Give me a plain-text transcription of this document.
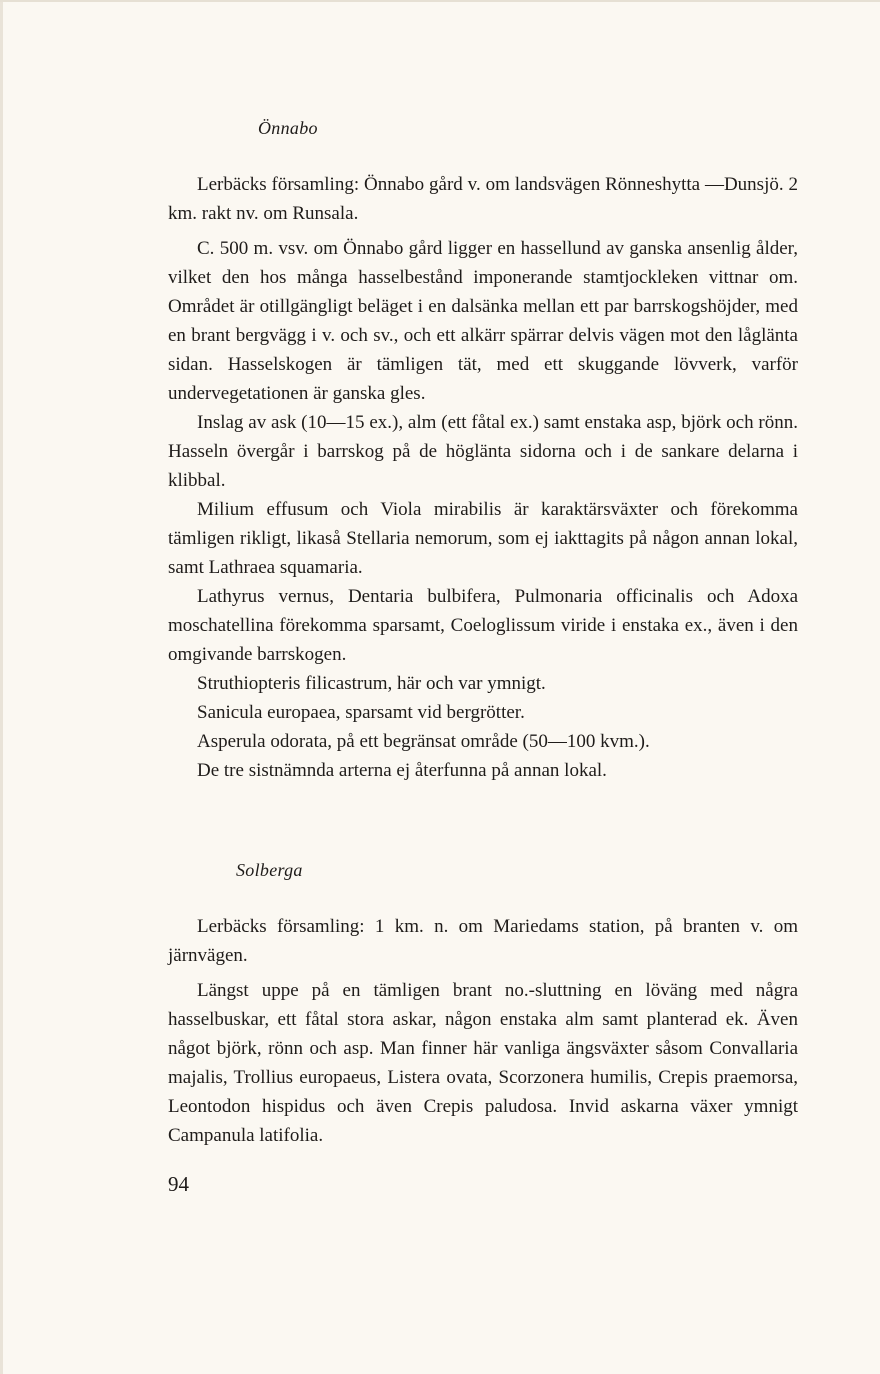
Önnabo

Lerbäcks församling: Önnabo gård v. om landsvägen Rönneshytta —Dunsjö. 2 km. rakt nv. om Runsala.

C. 500 m. vsv. om Önnabo gård ligger en hassellund av ganska ansenlig ålder, vilket den hos många hasselbestånd imponerande stamtjockleken vittnar om. Området är otillgängligt beläget i en dalsänka mellan ett par barrskogshöjder, med en brant bergvägg i v. och sv., och ett alkärr spärrar delvis vägen mot den låglänta sidan. Hasselskogen är tämligen tät, med ett skuggande lövverk, varför undervegetationen är ganska gles.

Inslag av ask (10—15 ex.), alm (ett fåtal ex.) samt enstaka asp, björk och rönn. Hasseln övergår i barrskog på de högläntа sidorna och i de sankare delarna i klibbal.

Milium effusum och Viola mirabilis är karaktärsväxter och förekomma tämligen rikligt, likaså Stellaria nemorum, som ej iakttagits på någon annan lokal, samt Lathraea squamaria.

Lathyrus vernus, Dentaria bulbifera, Pulmonaria officinalis och Adoxa moschatellina förekomma sparsamt, Coeloglissum viride i enstaka ex., även i den omgivande barrskogen.

Struthiopteris filicastrum, här och var ymnigt.

Sanicula europaea, sparsamt vid bergrötter.

Asperula odorata, på ett begränsat område (50—100 kvm.).

De tre sistnämnda arterna ej återfunna på annan lokal.

Solberga

Lerbäcks församling: 1 km. n. om Mariedams station, på branten v. om järnvägen.

Längst uppe på en tämligen brant no.-sluttning en löväng med några hasselbuskar, ett fåtal stora askar, någon enstaka alm samt planterad ek. Även något björk, rönn och asp. Man finner här vanliga ängsväxter såsom Convallaria majalis, Trollius europaeus, Listera ovata, Scorzonera humilis, Crepis praemorsa, Leontodon hispidus och även Crepis paludosa. Invid askarna växer ymnigt Campanula latifolia.

94
